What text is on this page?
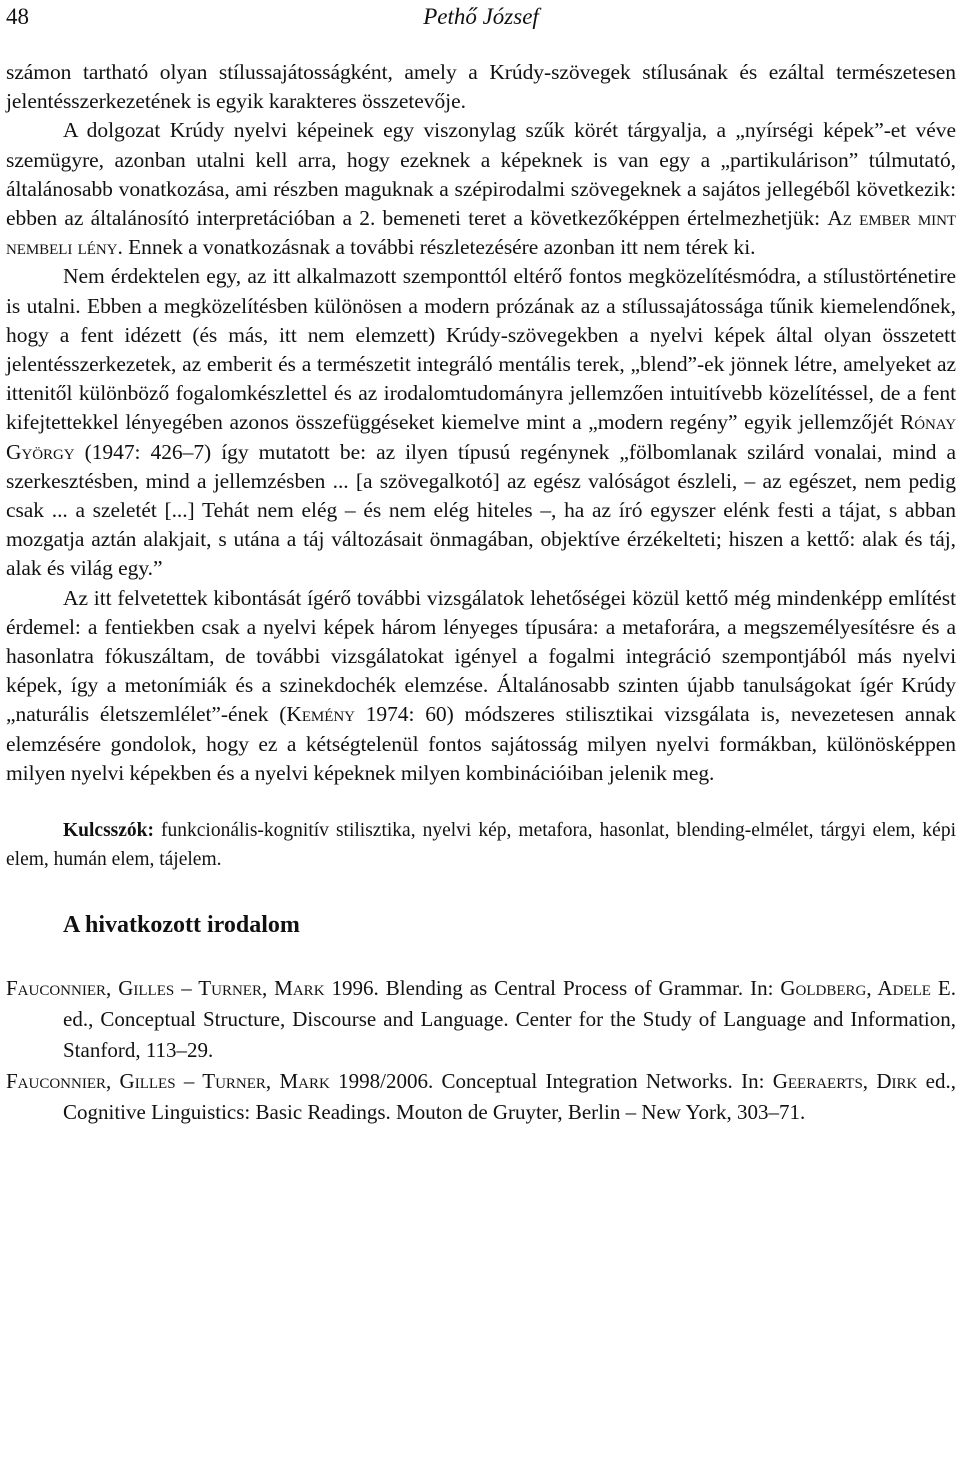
48	Pethő József

számon tartható olyan stílussajátosságként, amely a Krúdy-szövegek stílusának és ezáltal természetesen jelentésszerkezetének is egyik karakteres összetevője.

A dolgozat Krúdy nyelvi képeinek egy viszonylag szűk körét tárgyalja, a „nyírségi képek”-et véve szemügyre, azonban utalni kell arra, hogy ezeknek a képeknek is van egy a „partikulárison” túlmutató, általánosabb vonatkozása, ami részben maguknak a szépirodalmi szövegeknek a sajátos jellegéből következik: ebben az általánosító interpretációban a 2. bemeneti teret a következőképpen értelmezhetjük: Az ember mint nembeli lény. Ennek a vonatkozásnak a további részletezésére azonban itt nem térek ki.

Nem érdektelen egy, az itt alkalmazott szemponttól eltérő fontos megközelítésmódra, a stílustörténetire is utalni. Ebben a megközelítésben különösen a modern prózának az a stílussajátossága tűnik kiemelendőnek, hogy a fent idézett (és más, itt nem elemzett) Krúdy-szövegekben a nyelvi képek által olyan összetett jelentésszerkezetek, az emberit és a természetit integráló mentális terek, „blend”-ek jönnek létre, amelyeket az ittenitől különböző fogalomkészlettel és az irodalomtudományra jellemzően intuitívebb közelítéssel, de a fent kifejtettekkel lényegében azonos összefüggéseket kiemelve mint a „modern regény” egyik jellemzőjét Rónay György (1947: 426–7) így mutatott be: az ilyen típusú regénynek „fölbomlanak szilárd vonalai, mind a szerkesztésben, mind a jellemzésben ... [a szövegalkotó] az egész valóságot észleli, – az egészet, nem pedig csak ... a szeletét [...] Tehát nem elég – és nem elég hiteles –, ha az író egyszer elénk festi a tájat, s abban mozgatja aztán alakjait, s utána a táj változásait önmagában, objektíve érzékelteti; hiszen a kettő: alak és táj, alak és világ egy.”

Az itt felvetettek kibontását ígérő további vizsgálatok lehetőségei közül kettő még mindenképp említést érdemel: a fentiekben csak a nyelvi képek három lényeges típusára: a metaforára, a megszemélyesítésre és a hasonlatra fókuszáltam, de további vizsgálatokat igényel a fogalmi integráció szempontjából más nyelvi képek, így a metonímiák és a szinekdochék elemzése. Általánosabb szinten újabb tanulságokat ígér Krúdy „naturális életszemlélet”-ének (Kemény 1974: 60) módszeres stilisztikai vizsgálata is, nevezetesen annak elemzésére gondolok, hogy ez a kétségtelenül fontos sajátosság milyen nyelvi formákban, különösképpen milyen nyelvi képekben és a nyelvi képeknek milyen kombinációiban jelenik meg.

Kulcsszók: funkcionális-kognitív stilisztika, nyelvi kép, metafora, hasonlat, blending-elmélet, tárgyi elem, képi elem, humán elem, tájelem.
A hivatkozott irodalom

Fauconnier, Gilles – Turner, Mark 1996. Blending as Central Process of Grammar. In: Goldberg, Adele E. ed., Conceptual Structure, Discourse and Language. Center for the Study of Language and Information, Stanford, 113–29.

Fauconnier, Gilles – Turner, Mark 1998/2006. Conceptual Integration Networks. In: Geeraerts, Dirk ed., Cognitive Linguistics: Basic Readings. Mouton de Gruyter, Berlin – New York, 303–71.
